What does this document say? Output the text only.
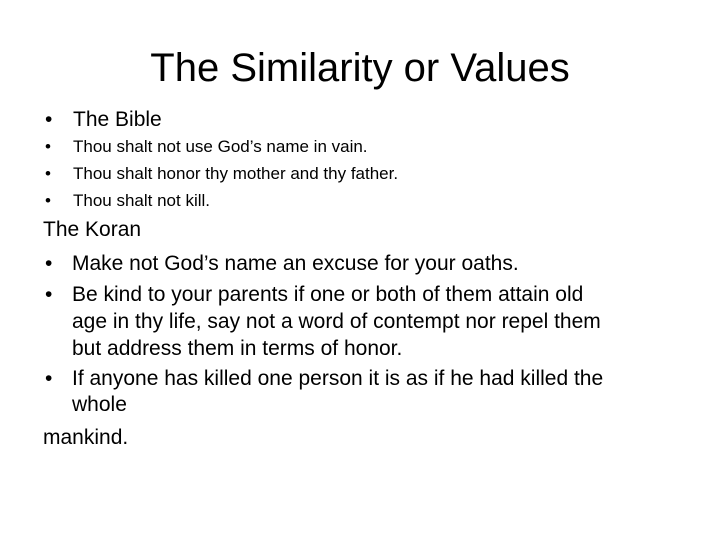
The Similarity or Values
• The Bible
• Thou shalt not use God’s name in vain.
• Thou shalt honor thy mother and thy father.
• Thou shalt not kill.
The Koran
• Make not God’s name an excuse for your oaths.
• Be kind to your parents if one or both of them attain old
age in thy life, say not a word of contempt nor repel them
but address them in terms of honor.
• If anyone has killed one person it is as if he had killed the
whole
mankind.
